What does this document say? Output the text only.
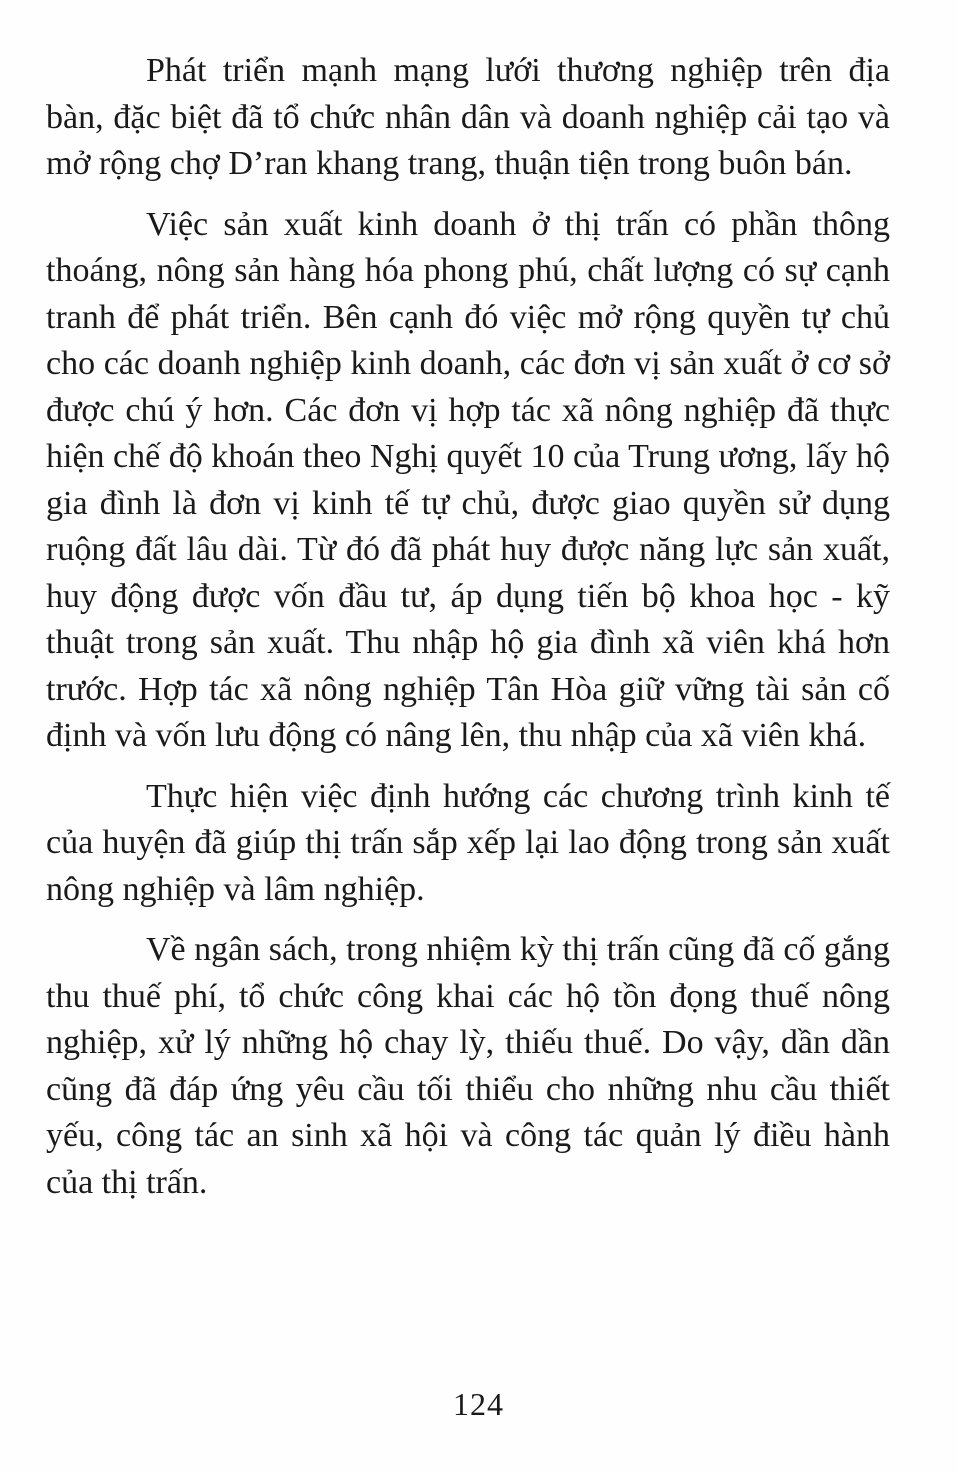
Phát triển mạnh mạng lưới thương nghiệp trên địa bàn, đặc biệt đã tổ chức nhân dân và doanh nghiệp cải tạo và mở rộng chợ D’ran khang trang, thuận tiện trong buôn bán.

Việc sản xuất kinh doanh ở thị trấn có phần thông thoáng, nông sản hàng hóa phong phú, chất lượng có sự cạnh tranh để phát triển. Bên cạnh đó việc mở rộng quyền tự chủ cho các doanh nghiệp kinh doanh, các đơn vị sản xuất ở cơ sở được chú ý hơn. Các đơn vị hợp tác xã nông nghiệp đã thực hiện chế độ khoán theo Nghị quyết 10 của Trung ương, lấy hộ gia đình là đơn vị kinh tế tự chủ, được giao quyền sử dụng ruộng đất lâu dài. Từ đó đã phát huy được năng lực sản xuất, huy động được vốn đầu tư, áp dụng tiến bộ khoa học - kỹ thuật trong sản xuất. Thu nhập hộ gia đình xã viên khá hơn trước. Hợp tác xã nông nghiệp Tân Hòa giữ vững tài sản cố định và vốn lưu động có nâng lên, thu nhập của xã viên khá.

Thực hiện việc định hướng các chương trình kinh tế của huyện đã giúp thị trấn sắp xếp lại lao động trong sản xuất nông nghiệp và lâm nghiệp.

Về ngân sách, trong nhiệm kỳ thị trấn cũng đã cố gắng thu thuế phí, tổ chức công khai các hộ tồn đọng thuế nông nghiệp, xử lý những hộ chay lỳ, thiếu thuế. Do vậy, dần dần cũng đã đáp ứng yêu cầu tối thiểu cho những nhu cầu thiết yếu, công tác an sinh xã hội và công tác quản lý điều hành của thị trấn.

124
